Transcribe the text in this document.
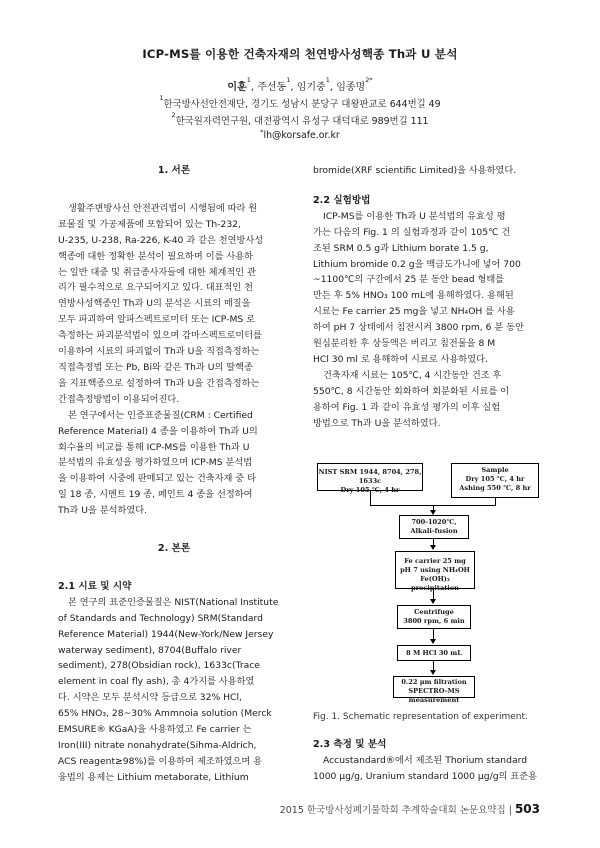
ICP-MS를 이용한 건축자재의 천연방사성핵종 Th과 U 분석
이훈$^1$, 주선동$^1$, 임기중$^1$, 임종명$^{2*}$
$^1$한국방사선안전재단, 경기도 성남시 분당구 대왕판교로 644번길 49
$^2$한국원자력연구원, 대전광역시 유성구 대덕대로 989번길 111
*lh@korsafe.or.kr
1. 서론
생활주변방사선 안전관리법이 시행됨에 따라 원
료물질 및 가공제품에 포함되어 있는 Th-232,
U-235, U-238, Ra-226, K-40 과 같은 천연방사성
핵종에 대한 정확한 분석이 필요하며 이를 사용하
는 일반 대중 및 취급종사자들에 대한 체계적인 관
리가 필수적으로 요구되어지고 있다. 대표적인 천
연방사성핵종인 Th과 U의 분석은 시료의 매질을
모두 파괴하여 알파스펙트로미터 또는 ICP-MS 로
측정하는 파괴분석법이 있으며 감마스펙트로미터를
이용하여 시료의 파괴없이 Th과 U을 직접측정하는
직접측정법 또는 Pb, Bi와 같은 Th과 U의 딸핵종
을 지표핵종으로 설정하여 Th과 U을 간접측정하는
간접측정방법이 이용되어진다.
본 연구에서는 인증표준물질(CRM : Certified
Reference Material) 4 종을 이용하여 Th과 U의
회수율의 비교를 통해 ICP-MS를 이용한 Th과 U
분석법의 유효성을 평가하였으며 ICP-MS 분석법
을 이용하여 시중에 판매되고 있는 건축자재 중 타
일 18 종, 시멘트 19 종, 페인트 4 종을 선정하여
Th과 U을 분석하였다.
2. 본론
2.1 시료 및 시약
본 연구의 표준인증물질은 NIST(National Institute
of Standards and Technology) SRM(Standard
Reference Material) 1944(New-York/New Jersey
waterway sediment), 8704(Buffalo river
sediment), 278(Obsidian rock), 1633c(Trace
element in coal fly ash), 총 4가지를 사용하였
다. 시약은 모두 분석시약 등급으로 32% HCl,
65% HNO₃, 28~30% Ammnoia solution (Merck
EMSURE® KGaA)을 사용하였고 Fe carrier 는
Iron(III) nitrate nonahydrate(Sihma-Aldrich,
ACS reagent≥98%)를 이용하여 제조하였으며 용
융법의 용제는 Lithium metaborate, Lithium
bromide(XRF scientific Limited)을 사용하였다.
2.2 실험방법
ICP-MS를 이용한 Th과 U 분석법의 유효성 평
가는 다음의 Fig. 1 의 실험과정과 같이 105℃ 건
조된 SRM 0.5 g과 Lithium borate 1.5 g,
Lithium bromide 0.2 g을 백금도가니에 넣어 700
~1100℃의 구간에서 25 분 동안 bead 형태를
만든 후 5% HNO₃ 100 mL에 용해하였다. 용해된
시료는 Fe carrier 25 mg을 넣고 NH₄OH 를 사용
하여 pH 7 상태에서 침전시켜 3800 rpm, 6 분 동안
원심분리한 후 상등액은 버리고 침전물을 8 M
HCl 30 ml 로 용해하여 시료로 사용하였다.
건축자재 시료는 105℃, 4 시간동안 건조 후
550℃, 8 시간동안 회화하여 회분화된 시료를 이
용하여 Fig. 1 과 같이 유효성 평가의 이후 실험
방법으로 Th과 U을 분석하였다.
NIST SRM 1944, 8704, 278, 1633c
Dry 105 ℃, 4 hr
Sample
Dry 105 ℃, 4 hr
Ashing 550 ℃, 8 hr
700-1020℃,
Alkali-fusion
Fe carrier 25 mg
pH 7 using NH₄OH
Fe(OH)₃ precipitation
Centrifuge
3800 rpm, 6 min
8 M HCl 30 mL
0.22 μm filtration
SPECTRO-MS measurement
Fig. 1. Schematic representation of experiment.
2.3 측정 및 분석
Accustandard®에서 제조된 Thorium standard
1000 μg/g, Uranium standard 1000 μg/g의 표준용
2015 한국방사성폐기물학회 추계학술대회 논문요약집 | 503
